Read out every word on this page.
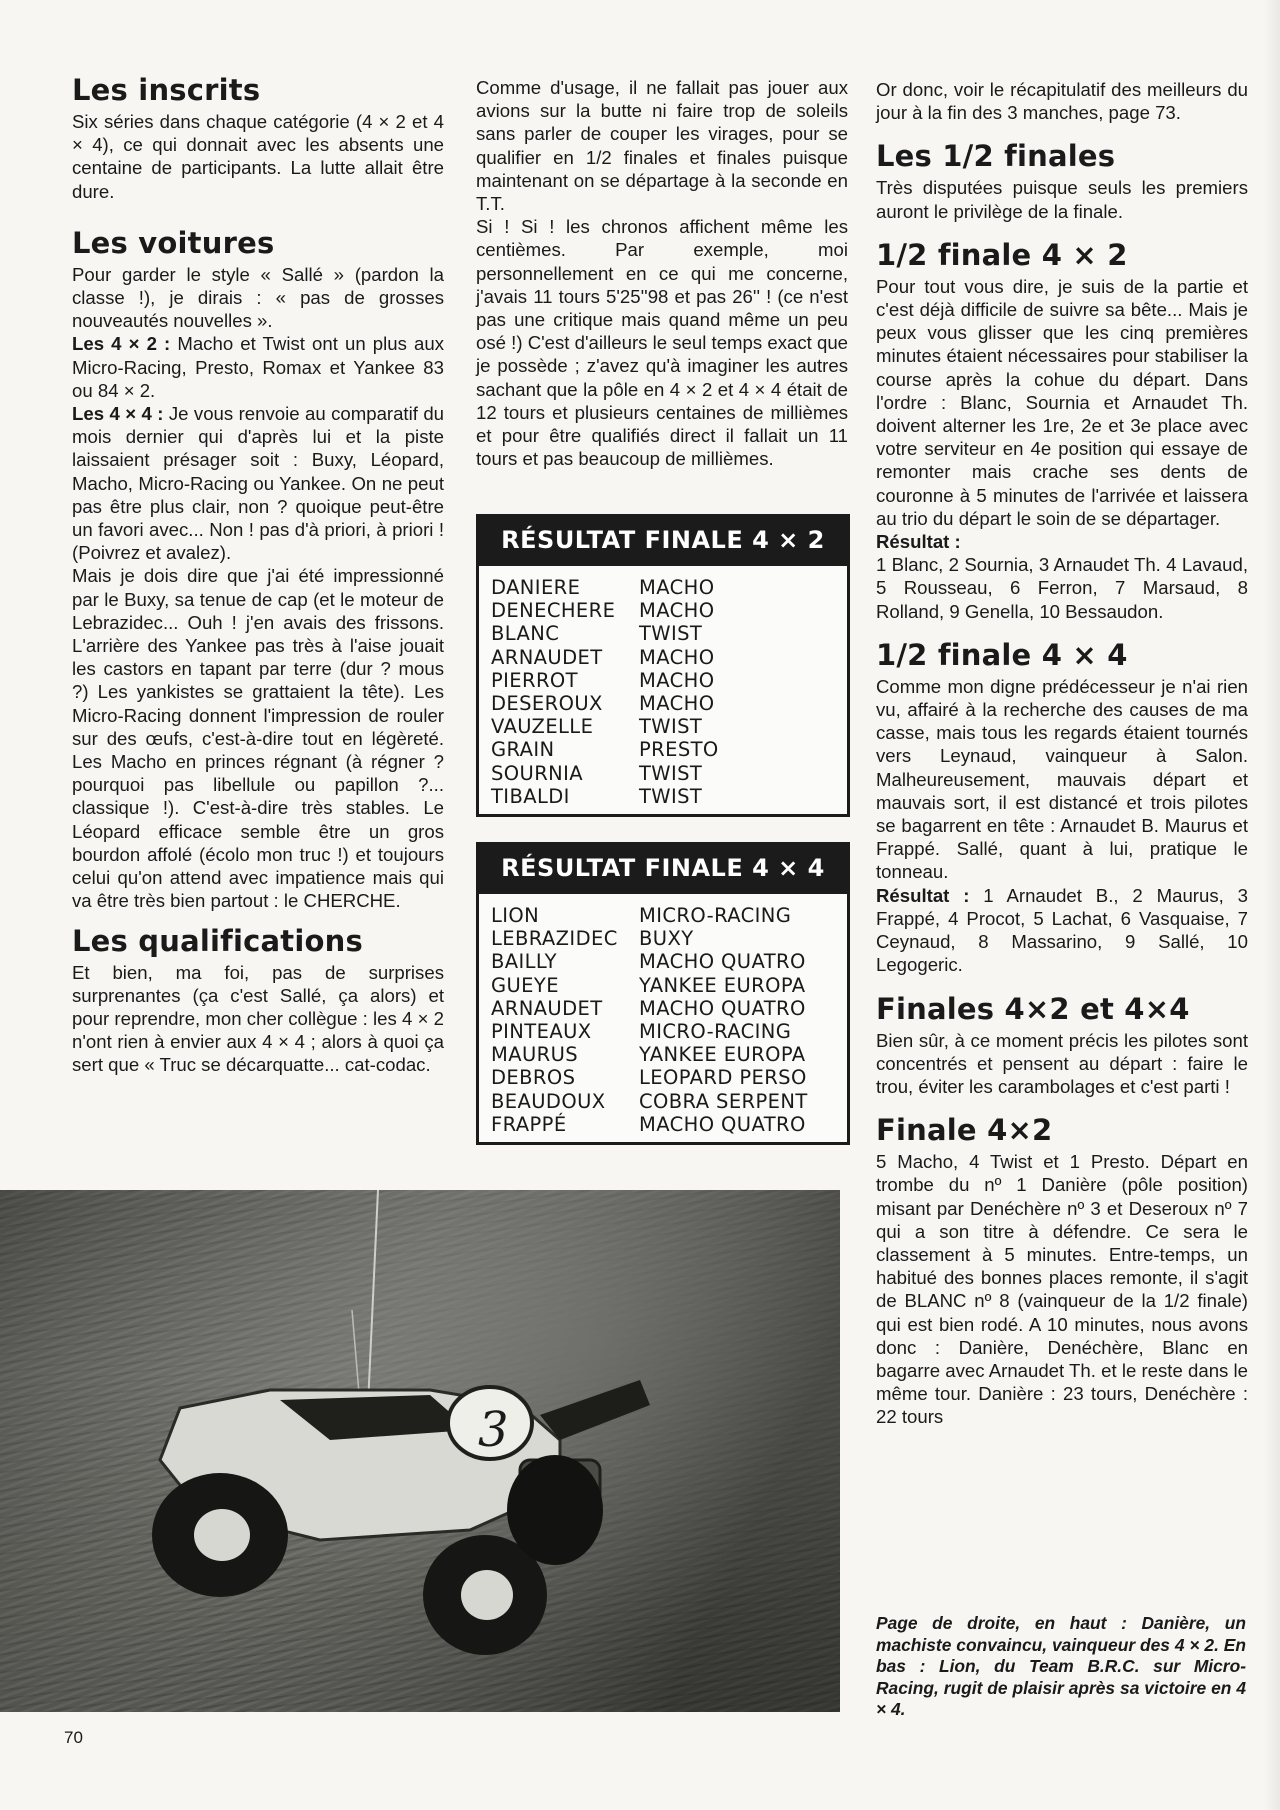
Les inscrits

Six séries dans chaque catégorie (4 × 2 et 4 × 4), ce qui donnait avec les absents une centaine de participants. La lutte allait être dure.

Les voitures

Pour garder le style « Sallé » (pardon la classe !), je dirais : « pas de grosses nouveautés nouvelles ».

Les 4 × 2 : Macho et Twist ont un plus aux Micro-Racing, Presto, Romax et Yankee 83 ou 84 × 2.

Les 4 × 4 : Je vous renvoie au comparatif du mois dernier qui d'après lui et la piste laissaient présager soit : Buxy, Léopard, Macho, Micro-Racing ou Yankee. On ne peut pas être plus clair, non ? quoique peut-être un favori avec... Non ! pas d'à priori, à priori ! (Poivrez et avalez).

Mais je dois dire que j'ai été impressionné par le Buxy, sa tenue de cap (et le moteur de Lebrazidec... Ouh ! j'en avais des frissons. L'arrière des Yankee pas très à l'aise jouait les castors en tapant par terre (dur ? mous ?) Les yankistes se grattaient la tête). Les Micro-Racing donnent l'impression de rouler sur des œufs, c'est-à-dire tout en légèreté. Les Macho en princes régnant (à régner ? pourquoi pas libellule ou papillon ?... classique !). C'est-à-dire très stables. Le Léopard efficace semble être un gros bourdon affolé (écolo mon truc !) et toujours celui qu'on attend avec impatience mais qui va être très bien partout : le CHERCHE.

Les qualifications

Et bien, ma foi, pas de surprises surprenantes (ça c'est Sallé, ça alors) et pour reprendre, mon cher collègue : les 4 × 2 n'ont rien à envier aux 4 × 4 ; alors à quoi ça sert que « Truc se décarquatte... cat-codac.

Comme d'usage, il ne fallait pas jouer aux avions sur la butte ni faire trop de soleils sans parler de couper les virages, pour se qualifier en 1/2 finales et finales puisque maintenant on se départage à la seconde en T.T.

Si ! Si ! les chronos affichent même les centièmes. Par exemple, moi personnellement en ce qui me concerne, j'avais 11 tours 5'25''98 et pas 26'' ! (ce n'est pas une critique mais quand même un peu osé !) C'est d'ailleurs le seul temps exact que je possède ; z'avez qu'à imaginer les autres sachant que la pôle en 4 × 2 et 4 × 4 était de 12 tours et plusieurs centaines de millièmes et pour être qualifiés direct il fallait un 11 tours et pas beaucoup de millièmes.

RÉSULTAT FINALE 4 × 2
DANIERE	MACHO
DENECHERE	MACHO
BLANC	TWIST
ARNAUDET	MACHO
PIERROT	MACHO
DESEROUX	MACHO
VAUZELLE	TWIST
GRAIN	PRESTO
SOURNIA	TWIST
TIBALDI	TWIST
RÉSULTAT FINALE 4 × 4
LION	MICRO-RACING
LEBRAZIDEC	BUXY
BAILLY	MACHO QUATRO
GUEYE	YANKEE EUROPA
ARNAUDET	MACHO QUATRO
PINTEAUX	MICRO-RACING
MAURUS	YANKEE EUROPA
DEBROS	LEOPARD PERSO
BEAUDOUX	COBRA SERPENT
FRAPPÉ	MACHO QUATRO

Or donc, voir le récapitulatif des meilleurs du jour à la fin des 3 manches, page 73.

Les 1/2 finales

Très disputées puisque seuls les premiers auront le privilège de la finale.

1/2 finale 4 × 2

Pour tout vous dire, je suis de la partie et c'est déjà difficile de suivre sa bête... Mais je peux vous glisser que les cinq premières minutes étaient nécessaires pour stabiliser la course après la cohue du départ. Dans l'ordre : Blanc, Sournia et Arnaudet Th. doivent alterner les 1re, 2e et 3e place avec votre serviteur en 4e position qui essaye de remonter mais crache ses dents de couronne à 5 minutes de l'arrivée et laissera au trio du départ le soin de se départager.

Résultat :

1 Blanc, 2 Sournia, 3 Arnaudet Th. 4 Lavaud, 5 Rousseau, 6 Ferron, 7 Marsaud, 8 Rolland, 9 Genella, 10 Bessaudon.

1/2 finale 4 × 4

Comme mon digne prédécesseur je n'ai rien vu, affairé à la recherche des causes de ma casse, mais tous les regards étaient tournés vers Leynaud, vainqueur à Salon. Malheureusement, mauvais départ et mauvais sort, il est distancé et trois pilotes se bagarrent en tête : Arnaudet B. Maurus et Frappé. Sallé, quant à lui, pratique le tonneau.

Résultat : 1 Arnaudet B., 2 Maurus, 3 Frappé, 4 Procot, 5 Lachat, 6 Vasquaise, 7 Ceynaud, 8 Massarino, 9 Sallé, 10 Legogeric.

Finales 4×2 et 4×4

Bien sûr, à ce moment précis les pilotes sont concentrés et pensent au départ : faire le trou, éviter les carambolages et c'est parti !

Finale 4×2

5 Macho, 4 Twist et 1 Presto. Départ en trombe du nº 1 Danière (pôle position) misant par Denéchère nº 3 et Deseroux nº 7 qui a son titre à défendre. Ce sera le classement à 5 minutes. Entre-temps, un habitué des bonnes places remonte, il s'agit de BLANC nº 8 (vainqueur de la 1/2 finale) qui est bien rodé. A 10 minutes, nous avons donc : Danière, Denéchère, Blanc en bagarre avec Arnaudet Th. et le reste dans le même tour. Danière : 23 tours, Denéchère : 22 tours

3
Page de droite, en haut : Danière, un machiste convaincu, vainqueur des 4 × 2. En bas : Lion, du Team B.R.C. sur Micro-Racing, rugit de plaisir après sa victoire en 4 × 4.
70
